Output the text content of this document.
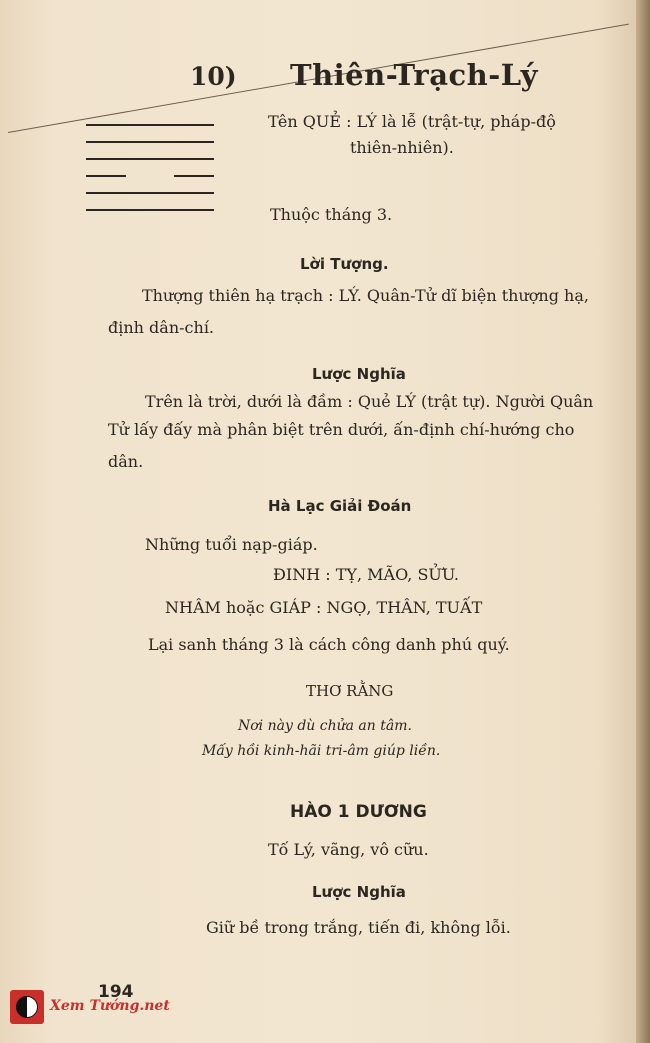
10) Thiên-Trạch-Lý

Tên QUẺ : LÝ là lễ (trật-tự, pháp-độ

thiên-nhiên).

Thuộc tháng 3.

Lời Tượng.

Thượng thiên hạ trạch : LÝ. Quân-Tử dĩ biện thượng hạ,

định dân-chí.

Lược Nghĩa

Trên là trời, dưới là đầm : Quẻ LÝ (trật tự). Người Quân

Tử lấy đấy mà phân biệt trên dưới, ấn-định chí-hướng cho

dân.

Hà Lạc Giải Đoán

Những tuổi nạp-giáp.

ĐINH : TỴ, MÃO, SỬU.

NHÂM hoặc GIÁP : NGỌ, THÂN, TUẤT

Lại sanh tháng 3 là cách công danh phú quý.

THƠ RẰNG

Nơi này dù chửa an tâm.

Mấy hồi kinh-hãi tri-âm giúp liền.

HÀO 1 DƯƠNG

Tố Lý, vãng, vô cữu.

Lược Nghĩa

Giữ bề trong trắng, tiến đi, không lỗi.

194

Xem Tướng.net
